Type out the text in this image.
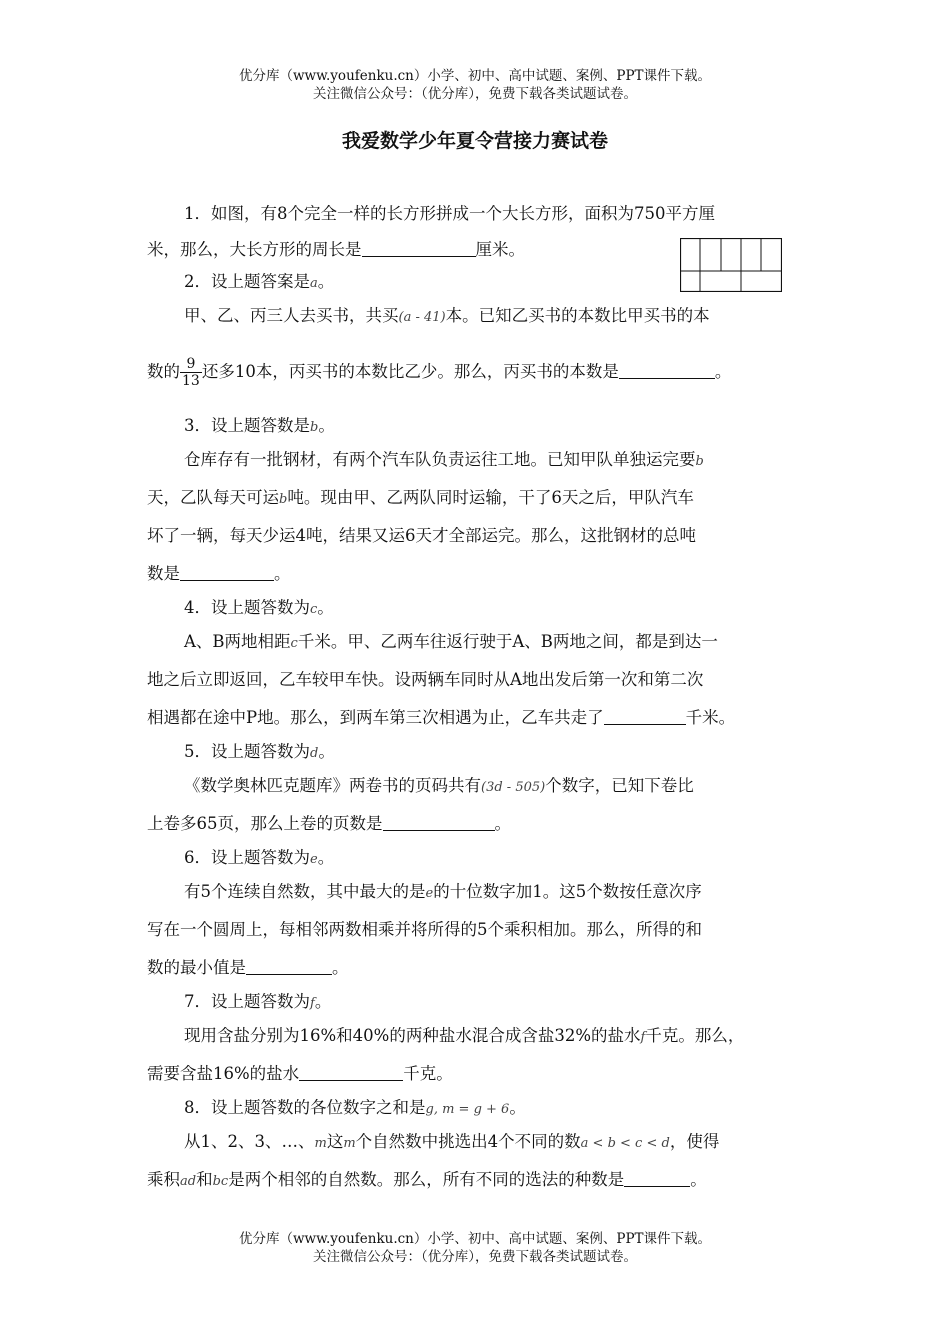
优分库（www.youfenku.cn）小学、初中、高中试题、案例、PPT课件下载。
关注微信公众号：（优分库），免费下载各类试题试卷。
我爱数学少年夏令营接力赛试卷
1．如图，有8个完全一样的长方形拼成一个大长方形，面积为750平方厘
米，那么，大长方形的周长是	厘米。
2．设上题答案是a。
甲、乙、丙三人去买书，共买(a - 41)本。已知乙买书的本数比甲买书的本
数的 $\frac{9}{13}$ 还多10本，丙买书的本数比乙少。那么，丙买书的本数是	。
3．设上题答数是b。
仓库存有一批钢材，有两个汽车队负责运往工地。已知甲队单独运完要b
天，乙队每天可运b吨。现由甲、乙两队同时运输，干了6天之后，甲队汽车
坏了一辆，每天少运4吨，结果又运6天才全部运完。那么，这批钢材的总吨
数是	。
4．设上题答数为c。
A、B两地相距c千米。甲、乙两车往返行驶于A、B两地之间，都是到达一
地之后立即返回，乙车较甲车快。设两辆车同时从A地出发后第一次和第二次
相遇都在途中P地。那么，到两车第三次相遇为止，乙车共走了	千米。
5．设上题答数为d。
《数学奥林匹克题库》两卷书的页码共有(3d - 505)个数字，已知下卷比
上卷多65页，那么上卷的页数是	。
6．设上题答数为e。
有5个连续自然数，其中最大的是e的十位数字加1。这5个数按任意次序
写在一个圆周上，每相邻两数相乘并将所得的5个乘积相加。那么，所得的和
数的最小值是	。
7．设上题答数为f。
现用含盐分别为16%和40%的两种盐水混合成含盐32%的盐水f千克。那么，
需要含盐16%的盐水	千克。
8．设上题答数的各位数字之和是g, m = g + 6。
从1、2、3、…、m这m个自然数中挑选出4个不同的数a < b < c < d，使得
乘积ad和bc是两个相邻的自然数。那么，所有不同的选法的种数是	。
优分库（www.youfenku.cn）小学、初中、高中试题、案例、PPT课件下载。
关注微信公众号：（优分库），免费下载各类试题试卷。
